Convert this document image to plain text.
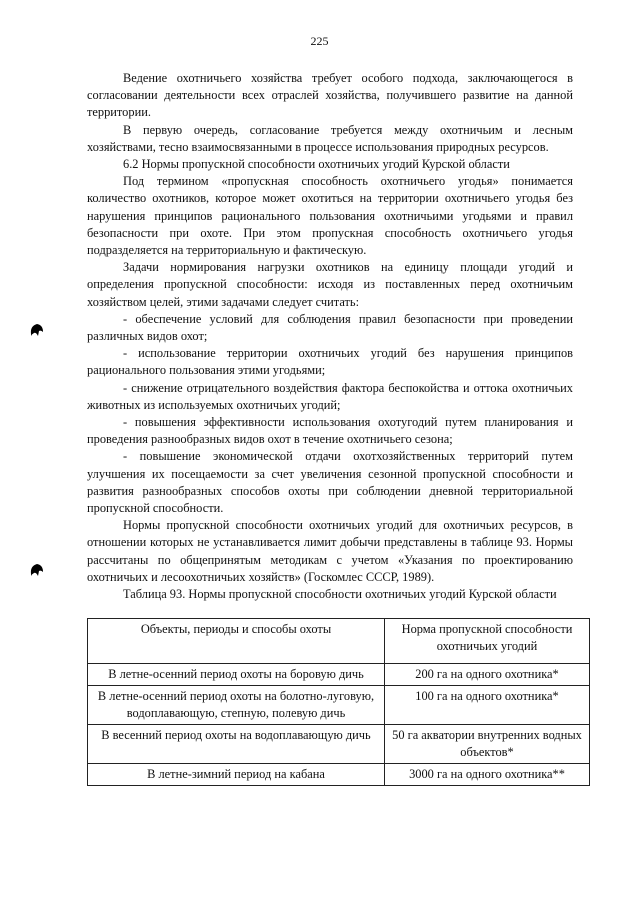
225

Ведение охотничьего хозяйства требует особого подхода, заключающегося в согласовании деятельности всех отраслей хозяйства, получившего развитие на данной территории.

В первую очередь, согласование требуется между охотничьим и лесным хозяйствами, тесно взаимосвязанными в процессе использования природных ресурсов.

6.2 Нормы пропускной способности охотничьих угодий Курской области

Под термином «пропускная способность охотничьего угодья» понимается количество охотников, которое может охотиться на территории охотничьего угодья без нарушения принципов рационального пользования охотничьими угодьями и правил безопасности при охоте. При этом пропускная способность охотничьего угодья подразделяется на территориальную и фактическую.

Задачи нормирования нагрузки охотников на единицу площади угодий и определения пропускной способности: исходя из поставленных перед охотничьим хозяйством целей, этими задачами следует считать:

- обеспечение условий для соблюдения правил безопасности при проведении различных видов охот;

- использование территории охотничьих угодий без нарушения принципов рационального пользования этими угодьями;

- снижение отрицательного воздействия фактора беспокойства и оттока охотничьих животных из используемых охотничьих угодий;

- повышения эффективности использования охотугодий путем планирования и проведения разнообразных видов охот в течение охотничьего сезона;

- повышение экономической отдачи охотхозяйственных территорий путем улучшения их посещаемости за счет увеличения сезонной пропускной способности и развития разнообразных способов охоты при соблюдении дневной территориальной пропускной способности.

Нормы пропускной способности охотничьих угодий для охотничьих ресурсов, в отношении которых не устанавливается лимит добычи представлены в таблице 93. Нормы рассчитаны по общепринятым методикам с учетом «Указания по проектированию охотничьих и лесоохотничьих хозяйств» (Госкомлес СССР, 1989).

Таблица 93. Нормы пропускной способности охотничьих угодий Курской области

Объекты, периоды и способы охоты	Норма пропускной способности охотничьих угодий
В летне-осенний период охоты на боровую дичь	200 га на одного охотника*
В летне-осенний период охоты на болотно-луговую, водоплавающую, степную, полевую дичь	100 га на одного охотника*
В весенний период охоты на водоплавающую дичь	50 га акватории внутренних водных объектов*
В летне-зимний период на кабана	3000 га на одного охотника**
